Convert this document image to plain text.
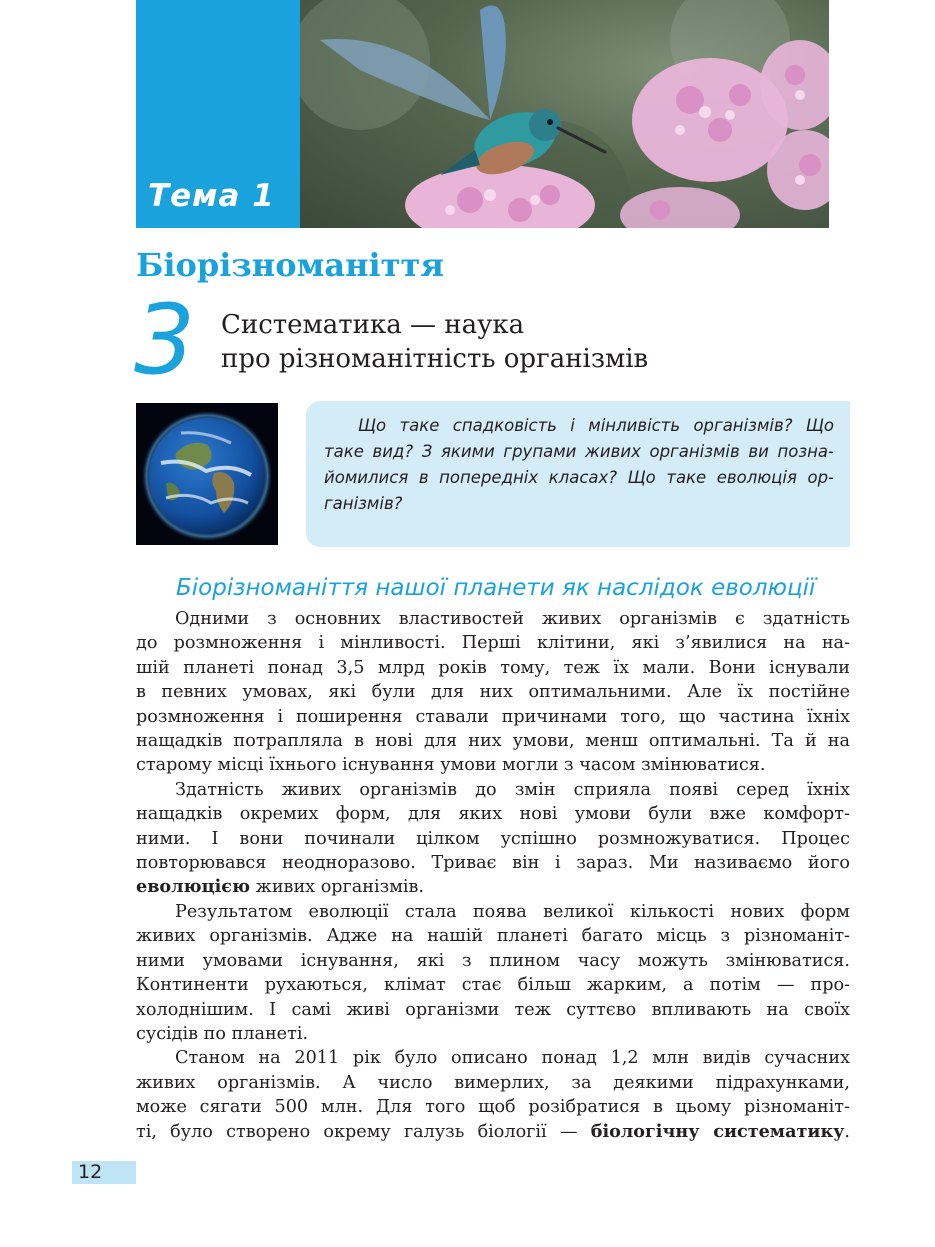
Тема 1
Біорізноманіття
3 Систематика — наука
про різноманітність організмів
Що таке спадковість і мінливість організмів? Що
таке вид? З якими групами живих організмів ви позна-
йомилися в попередніх класах? Що таке еволюція ор-
ганізмів?
Біорізноманіття нашої планети як наслідок еволюції
Одними з основних властивостей живих організмів є здатність
до розмноження і мінливості. Перші клітини, які з’явилися на на-
шій планеті понад 3,5 млрд років тому, теж їх мали. Вони існували
в певних умовах, які були для них оптимальними. Але їх постійне
розмноження і поширення ставали причинами того, що частина їхніх
нащадків потрапляла в нові для них умови, менш оптимальні. Та й на
старому місці їхнього існування умови могли з часом змінюватися.
Здатність живих організмів до змін сприяла появі серед їхніх
нащадків окремих форм, для яких нові умови були вже комфорт-
ними. І вони починали цілком успішно розмножуватися. Процес
повторювався неодноразово. Триває він і зараз. Ми називаємо його
еволюцією живих організмів.
Результатом еволюції стала поява великої кількості нових форм
живих організмів. Адже на нашій планеті багато місць з різноманіт-
ними умовами існування, які з плином часу можуть змінюватися.
Континенти рухаються, клімат стає більш жарким, а потім — про-
холоднішим. І самі живі організми теж суттєво впливають на своїх
сусідів по планеті.
Станом на 2011 рік було описано понад 1,2 млн видів сучасних
живих організмів. А число вимерлих, за деякими підрахунками,
може сягати 500 млн. Для того щоб розібратися в цьому різноманіт-
ті, було створено окрему галузь біології — біологічну систематику.
12
